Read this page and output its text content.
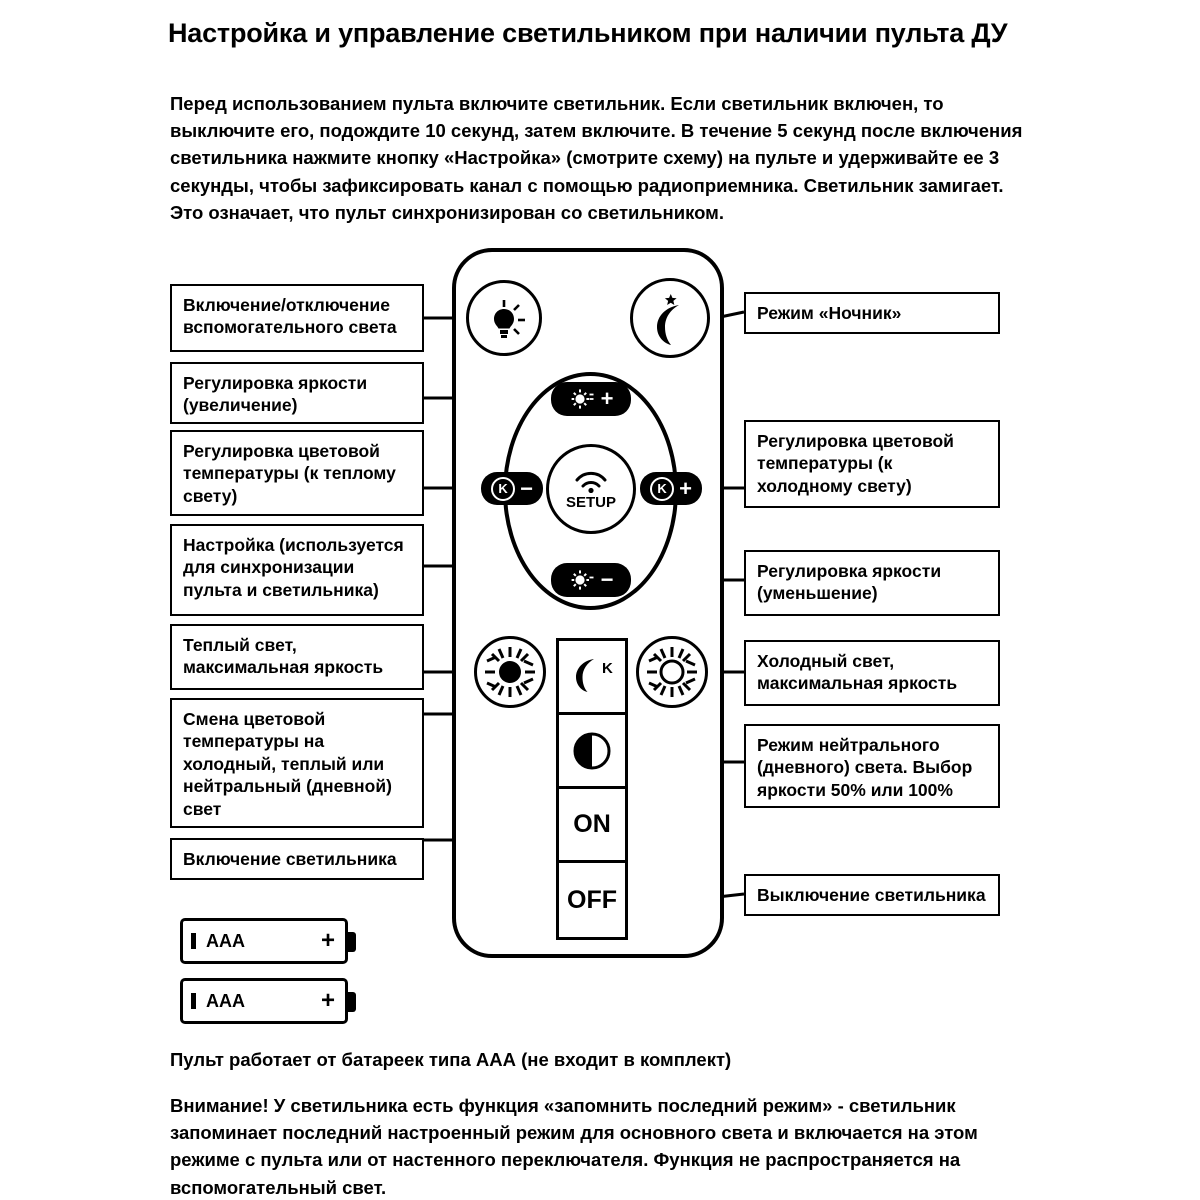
Настройка и управление светильником при наличии пульта ДУ
Перед использованием пульта включите светильник. Если светильник включен, то выключите его, подождите 10 секунд, затем включите. В течение 5 секунд после включения светильника нажмите кнопку «Настройка» (смотрите схему) на пульте и удерживайте ее 3 секунды, чтобы зафиксировать канал с помощью радиоприемника. Светильник замигает. Это означает, что пульт синхронизирован со светильником.
+
K −	K +
SETUP
−
K
ON
OFF
Включение/отключение вспомогательного света
Регулировка яркости (увеличение)
Регулировка цветовой температуры (к теплому свету)
Настройка (используется для синхронизации пульта и светильника)
Теплый свет, максимальная яркость
Смена цветовой температуры на холодный, теплый или нейтральный (дневной) свет
Включение светильника
Режим «Ночник»
Регулировка цветовой температуры (к холодному свету)
Регулировка яркости (уменьшение)
Холодный свет, максимальная яркость
Режим нейтрального (дневного) света. Выбор яркости 50% или 100%
Выключение светильника
AAA	+
AAA	+
Пульт работает от батареек типа ААА (не входит в комплект)
Внимание! У светильника есть функция «запомнить последний режим» - светильник запоминает последний настроенный режим для основного света и включается на этом режиме с пульта или от настенного переключателя. Функция не распространяется на вспомогательный свет.
